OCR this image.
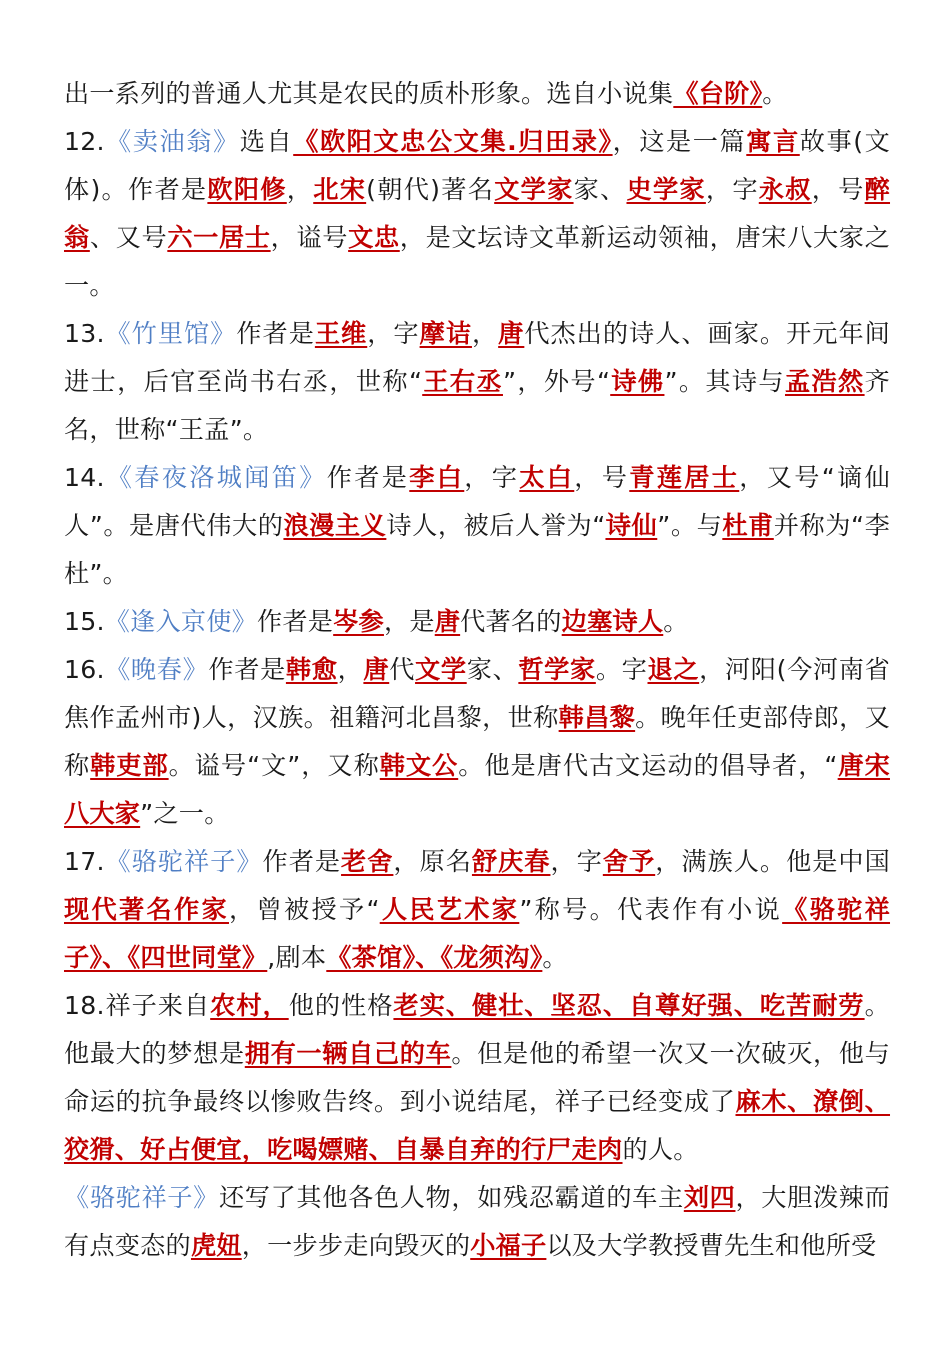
出一系列的普通人尤其是农民的质朴形象。选自小说集《台阶》。

12.《卖油翁》选自《欧阳文忠公文集.归田录》，这是一篇寓言故事(文体)。作者是欧阳修，北宋(朝代)著名文学家家、史学家，字永叔，号醉翁、又号六一居士，谥号文忠，是文坛诗文革新运动领袖，唐宋八大家之一。

13.《竹里馆》作者是王维，字摩诘，唐代杰出的诗人、画家。开元年间进士，后官至尚书右丞，世称“王右丞”，外号“诗佛”。其诗与孟浩然齐名，世称“王孟”。

14.《春夜洛城闻笛》作者是李白，字太白，号青莲居士，又号“谪仙人”。是唐代伟大的浪漫主义诗人，被后人誉为“诗仙”。与杜甫并称为“李杜”。

15.《逢入京使》作者是岑参，是唐代著名的边塞诗人。

16.《晚春》作者是韩愈，唐代文学家、哲学家。字退之，河阳(今河南省焦作孟州市)人，汉族。祖籍河北昌黎，世称韩昌黎。晚年任吏部侍郎，又称韩吏部。谥号“文”，又称韩文公。他是唐代古文运动的倡导者，“唐宋八大家”之一。

17.《骆驼祥子》作者是老舍，原名舒庆春，字舍予，满族人。他是中国现代著名作家，曾被授予“人民艺术家”称号。代表作有小说《骆驼祥子》、《四世同堂》,剧本《茶馆》、《龙须沟》。

18.祥子来自农村，他的性格老实、健壮、坚忍、自尊好强、吃苦耐劳。他最大的梦想是拥有一辆自己的车。但是他的希望一次又一次破灭，他与命运的抗争最终以惨败告终。到小说结尾，祥子已经变成了麻木、潦倒、狡猾、好占便宜，吃喝嫖赌、自暴自弃的行尸走肉的人。

《骆驼祥子》还写了其他各色人物，如残忍霸道的车主刘四，大胆泼辣而有点变态的虎妞，一步步走向毁灭的小福子以及大学教授曹先生和他所受
